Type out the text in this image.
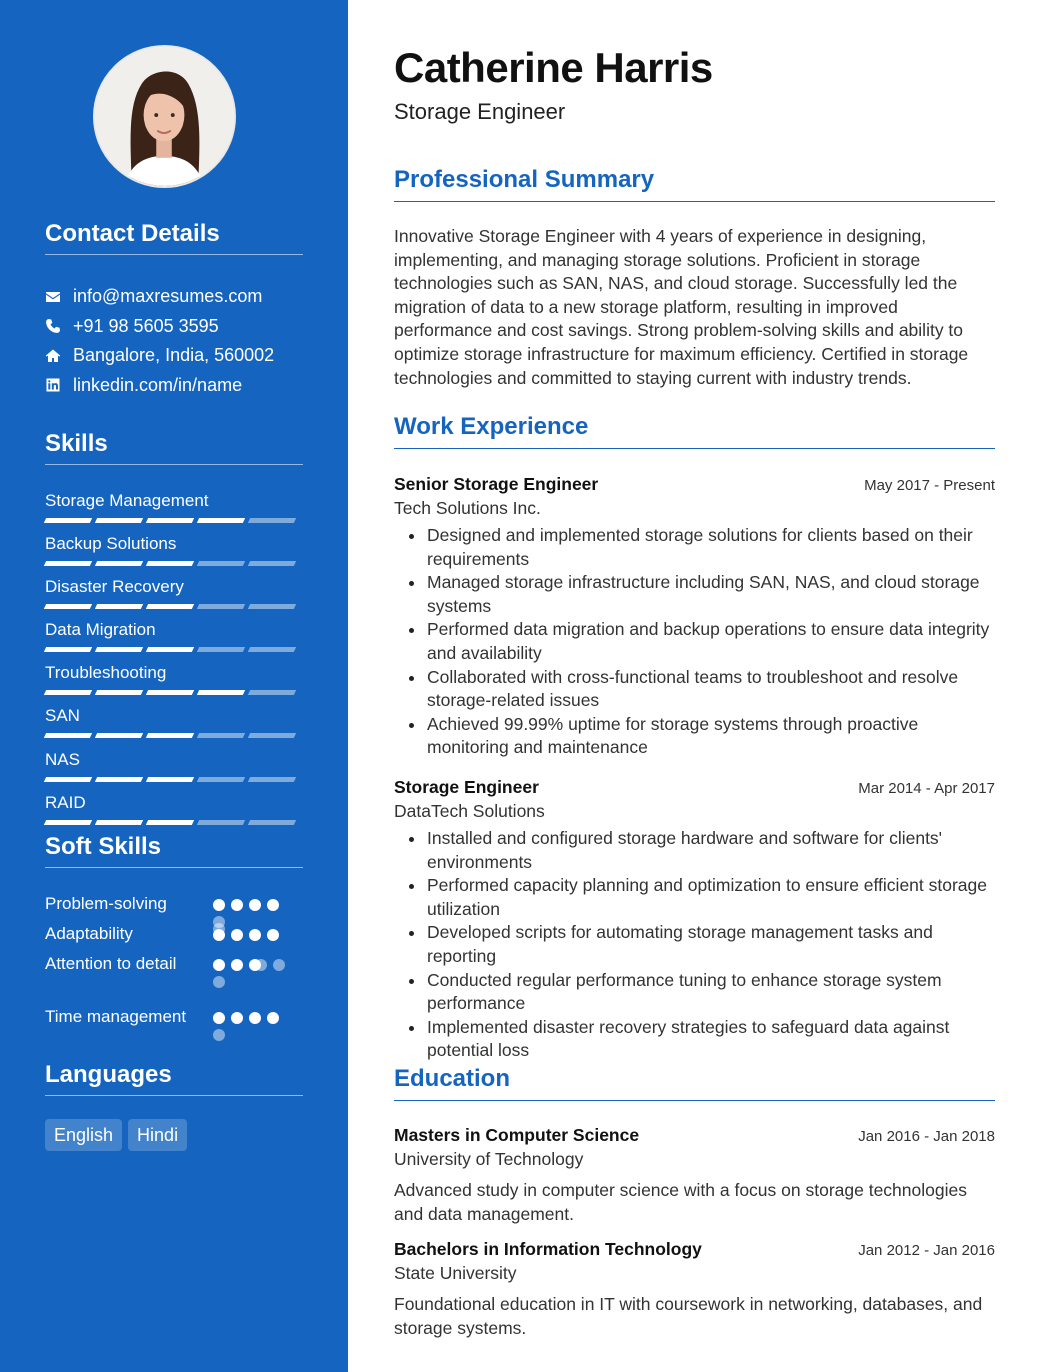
Contact Details
info@maxresumes.com
+91 98 5605 3595
Bangalore, India, 560002
linkedin.com/in/name
Skills
Storage Management
Backup Solutions
Disaster Recovery
Data Migration
Troubleshooting
SAN
NAS
RAID
Soft Skills
Problem-solving
Adaptability
Attention to detail
Time management
Languages
English	Hindi
Catherine Harris
Storage Engineer
Professional Summary

Innovative Storage Engineer with 4 years of experience in designing, implementing, and managing storage solutions. Proficient in storage technologies such as SAN, NAS, and cloud storage. Successfully led the migration of data to a new storage platform, resulting in improved performance and cost savings. Strong problem-solving skills and ability to optimize storage infrastructure for maximum efficiency. Certified in storage technologies and committed to staying current with industry trends.

Work Experience
Senior Storage Engineer	May 2017 - Present
Tech Solutions Inc.
Designed and implemented storage solutions for clients based on their requirements
Managed storage infrastructure including SAN, NAS, and cloud storage systems
Performed data migration and backup operations to ensure data integrity and availability
Collaborated with cross-functional teams to troubleshoot and resolve storage-related issues
Achieved 99.99% uptime for storage systems through proactive monitoring and maintenance
Storage Engineer	Mar 2014 - Apr 2017
DataTech Solutions
Installed and configured storage hardware and software for clients' environments
Performed capacity planning and optimization to ensure efficient storage utilization
Developed scripts for automating storage management tasks and reporting
Conducted regular performance tuning to enhance storage system performance
Implemented disaster recovery strategies to safeguard data against potential loss
Education
Masters in Computer Science	Jan 2016 - Jan 2018
University of Technology

Advanced study in computer science with a focus on storage technologies and data management.

Bachelors in Information Technology	Jan 2012 - Jan 2016
State University

Foundational education in IT with coursework in networking, databases, and storage systems.
